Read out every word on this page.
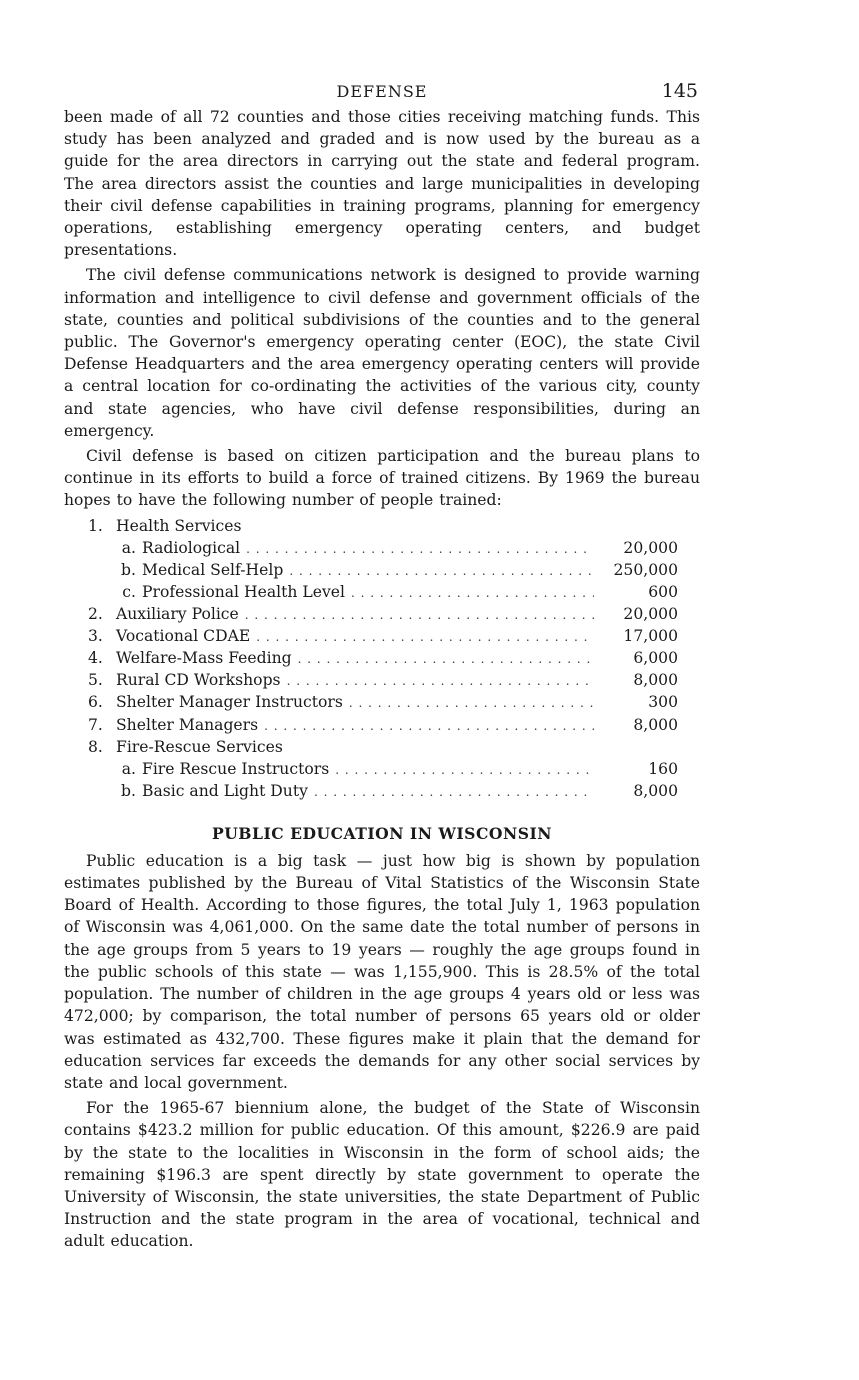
DEFENSE	145

been made of all 72 counties and those cities receiving matching funds. This study has been analyzed and graded and is now used by the bureau as a guide for the area directors in carrying out the state and federal program. The area directors assist the counties and large municipalities in developing their civil defense capabilities in training programs, planning for emergency operations, establishing emergency operating centers, and budget presentations.

The civil defense communications network is designed to provide warning information and intelligence to civil defense and government officials of the state, counties and political subdivisions of the counties and to the general public. The Governor's emergency operating center (EOC), the state Civil Defense Headquarters and the area emergency operating centers will provide a central location for co-ordinating the activities of the various city, county and state agencies, who have civil defense responsibilities, during an emergency.

Civil defense is based on citizen participation and the bureau plans to continue in its efforts to build a force of trained citizens. By 1969 the bureau hopes to have the following number of people trained:

1. Health Services
a. Radiological . . .	20,000
b. Medical Self-Help . . .	250,000
c. Professional Health Level . . .	600
2. Auxiliary Police . . .	20,000
3. Vocational CDAE . . .	17,000
4. Welfare-Mass Feeding . . .	6,000
5. Rural CD Workshops . . .	8,000
6. Shelter Manager Instructors . . .	300
7. Shelter Managers . . .	8,000
8. Fire-Rescue Services
a. Fire Rescue Instructors . . .	160
b. Basic and Light Duty . . .	8,000
PUBLIC EDUCATION IN WISCONSIN

Public education is a big task — just how big is shown by population estimates published by the Bureau of Vital Statistics of the Wisconsin State Board of Health. According to those figures, the total July 1, 1963 population of Wisconsin was 4,061,000. On the same date the total number of persons in the age groups from 5 years to 19 years — roughly the age groups found in the public schools of this state — was 1,155,900. This is 28.5% of the total population. The number of children in the age groups 4 years old or less was 472,000; by comparison, the total number of persons 65 years old or older was estimated as 432,700. These figures make it plain that the demand for education services far exceeds the demands for any other social services by state and local government.

For the 1965-67 biennium alone, the budget of the State of Wisconsin contains $423.2 million for public education. Of this amount, $226.9 are paid by the state to the localities in Wisconsin in the form of school aids; the remaining $196.3 are spent directly by state government to operate the University of Wisconsin, the state universities, the state Department of Public Instruction and the state program in the area of vocational, technical and adult education.
